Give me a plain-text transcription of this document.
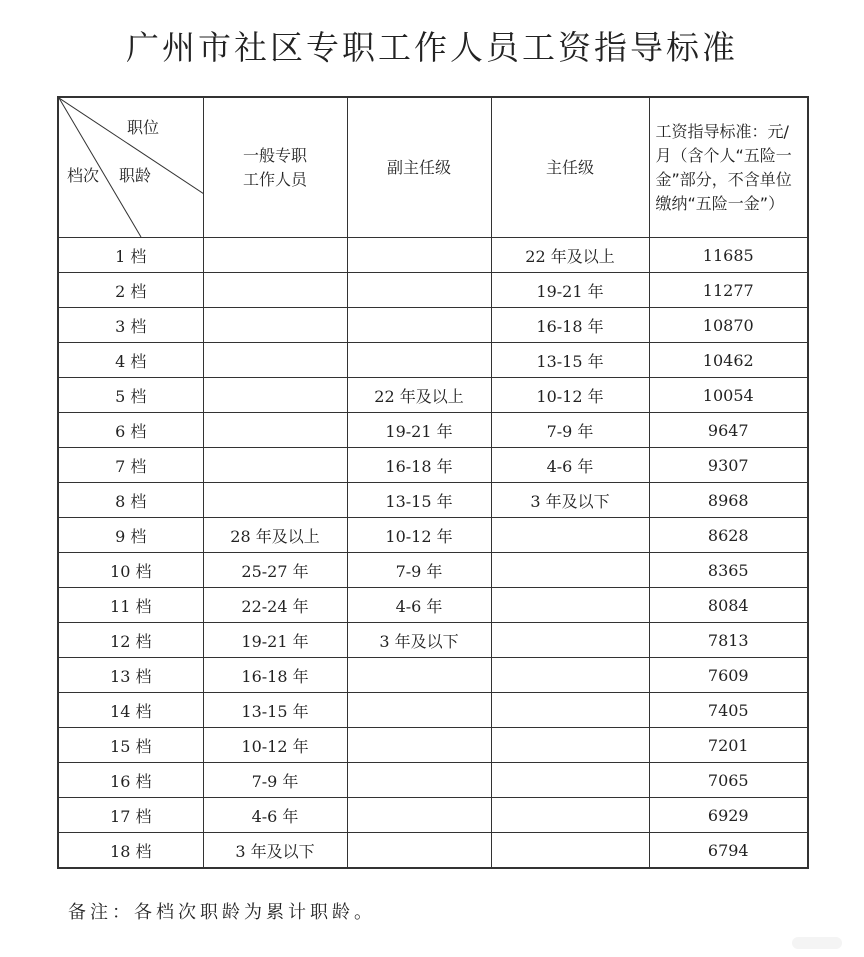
广州市社区专职工作人员工资指导标准
职位
档次 职龄	一般专职工作人员	副主任级	主任级	工资指导标准：元/月（含个人“五险一金”部分，不含单位缴纳“五险一金”）
1 档			22 年及以上	11685
2 档			19-21 年	11277
3 档			16-18 年	10870
4 档			13-15 年	10462
5 档		22 年及以上	10-12 年	10054
6 档		19-21 年	7-9 年	9647
7 档		16-18 年	4-6 年	9307
8 档		13-15 年	3 年及以下	8968
9 档	28 年及以上	10-12 年		8628
10 档	25-27 年	7-9 年		8365
11 档	22-24 年	4-6 年		8084
12 档	19-21 年	3 年及以下		7813
13 档	16-18 年			7609
14 档	13-15 年			7405
15 档	10-12 年			7201
16 档	7-9 年			7065
17 档	4-6 年			6929
18 档	3 年及以下			6794
备注：各档次职龄为累计职龄。
